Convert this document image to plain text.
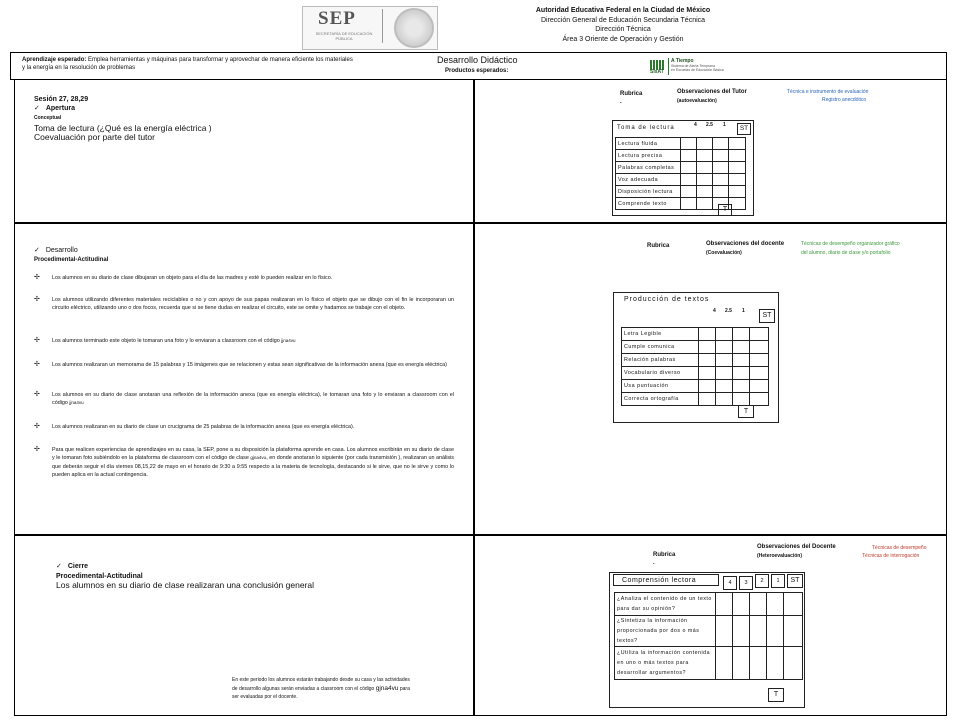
SEP
SECRETARÍA DE EDUCACIÓN PÚBLICA
Autoridad Educativa Federal en la Ciudad de México
Dirección General de Educación Secundaria Técnica
Dirección Técnica
Área 3 Oriente de Operación y Gestión
Aprendizaje esperado: Emplea herramientas y máquinas para transformar y aprovechar de manera eficiente los materiales
y la energía en la resolución de problemas
Desarrollo Didáctico
Productos esperados:	SisAT
A Tiempo
Sistema de Alerta Temprana
en Escuelas de Educación Básica
Sesión 27, 28,29
✓ Apertura
Conceptual
Toma de lectura (¿Qué es la energía eléctrica )
Coevaluación por parte del tutor
Rubrica
.
Observaciones del Tutor
(autoevaluación)
Técnica e instrumento de evaluación
Registro anecdótico
Toma de lectura	4 2.5 1	ST
Lectura fluida				
Lectura precisa				
Palabras completas				
Voz adecuada				
Disposición lectura				
Comprende texto				
T
✓ Desarrollo
Procedimental-Actitudinal
✢ Los alumnos en su diario de clase dibujaran un objeto para el día de las madres y esté lo pueden realizar en lo físico.
✢ Los alumnos utilizando diferentes materiales reciclables o no y con apoyo de sus papas realizaran en lo físico el objeto que se dibujo con el fin le incorporaran un circuito eléctrico, utilizando uno o dos focos, recuerda que si se tiene dudas en realizar el circuito, este se omite y hadamos se trabaje con el objeto.
✢ Los alumnos terminado este objeto le tomaran una foto y lo enviaran a classroom con el código jjna4vu
✢ Los alumnos realizaran un memorama de 15 palabras y 15 imágenes que se relacionen y estas sean significativas de la información anexa (que es energía eléctrica)
✢ Los alumnos en su diario de clase anotaran una reflexión de la información anexa (que es energía eléctrica), le tomaran una foto y lo enviaran a classroom con el código jjna4vu
✢ Los alumnos realizaran en su diario de clase un crucigrama de 25 palabras de la información anexa (que es energía eléctrica).
✢ Para que realicen experiencias de aprendizajes en su casa, la SEP, pone a su disposición la plataforma aprende en casa. Los alumnos escribirán en su diario de clase y le tomaran foto subiéndolo en la plataforma de classroom con el código de clase gjna4vu, en donde anotaran lo siguiente (por cada transmisión ), realizaran un análisis que deberán seguir el día viernes 08,15,22 de mayo en el horario de 9:30 a 9:55 respecto a la materia de tecnología, destacando si le sirve, que no le sirve y como lo pueden aplica en la actual contingencia.
Rubrica	Observaciones del docente
(Coevaluación)
Técnicas de desempeño organizador gráfico
del alumno, diario de clase y/o portafolio
Producción de textos
4 2.5 1
ST
Letra Legible				
Cumple comunica				
Relación palabras				
Vocabulario diverso				
Usa puntuación				
Correcta ortografía				
T
✓ Cierre
Procedimental-Actitudinal
Los alumnos en su diario de clase realizaran una conclusión general
En este periodo los alumnos estarán trabajando desde su casa y las actividades
de desarrollo algunas serán enviadas a classroom con el código gjna4vu para
ser evaluadas por el docente.
Rubrica
.
Observaciones del Docente
(Heteroevaluación)
Técnicas de desempeño
Técnicas de interrogación
Comprensión lectora	4	3	2	1	ST
¿Analiza el contenido de un texto para dar su opinión?					
¿Sintetiza la información proporcionada por dos o más textos?					
¿Utiliza la información contenida en uno o más textos para desarrollar argumentos?					
T
